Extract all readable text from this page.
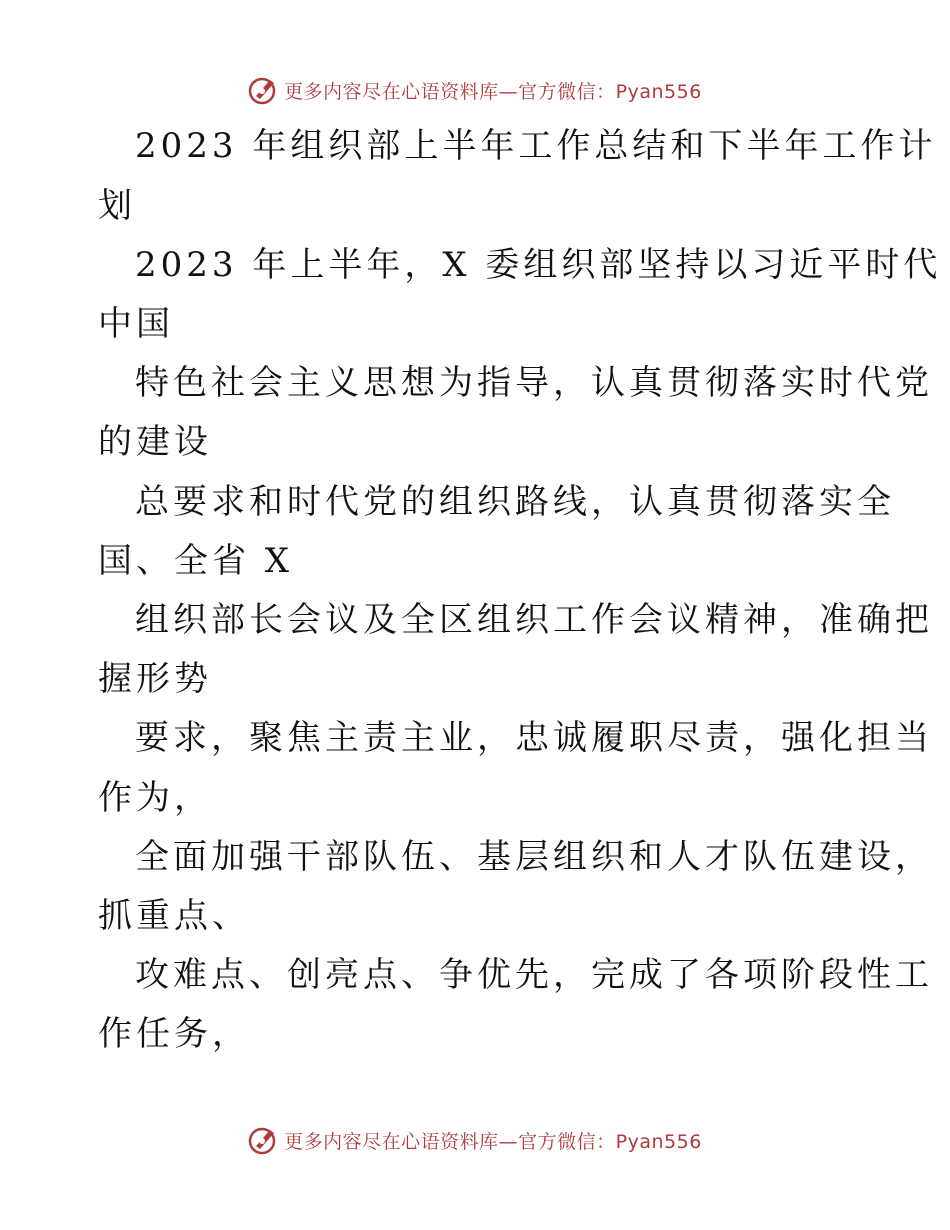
更多内容尽在心语资料库—官方微信：Pyan556
2023 年组织部上半年工作总结和下半年工作计
划
2023 年上半年，X 委组织部坚持以习近平时代
中国
特色社会主义思想为指导，认真贯彻落实时代党
的建设
总要求和时代党的组织路线，认真贯彻落实全
国、全省 X
组织部长会议及全区组织工作会议精神，准确把
握形势
要求，聚焦主责主业，忠诚履职尽责，强化担当
作为，
全面加强干部队伍、基层组织和人才队伍建设，
抓重点、
攻难点、创亮点、争优先，完成了各项阶段性工
作任务，
更多内容尽在心语资料库—官方微信：Pyan556
